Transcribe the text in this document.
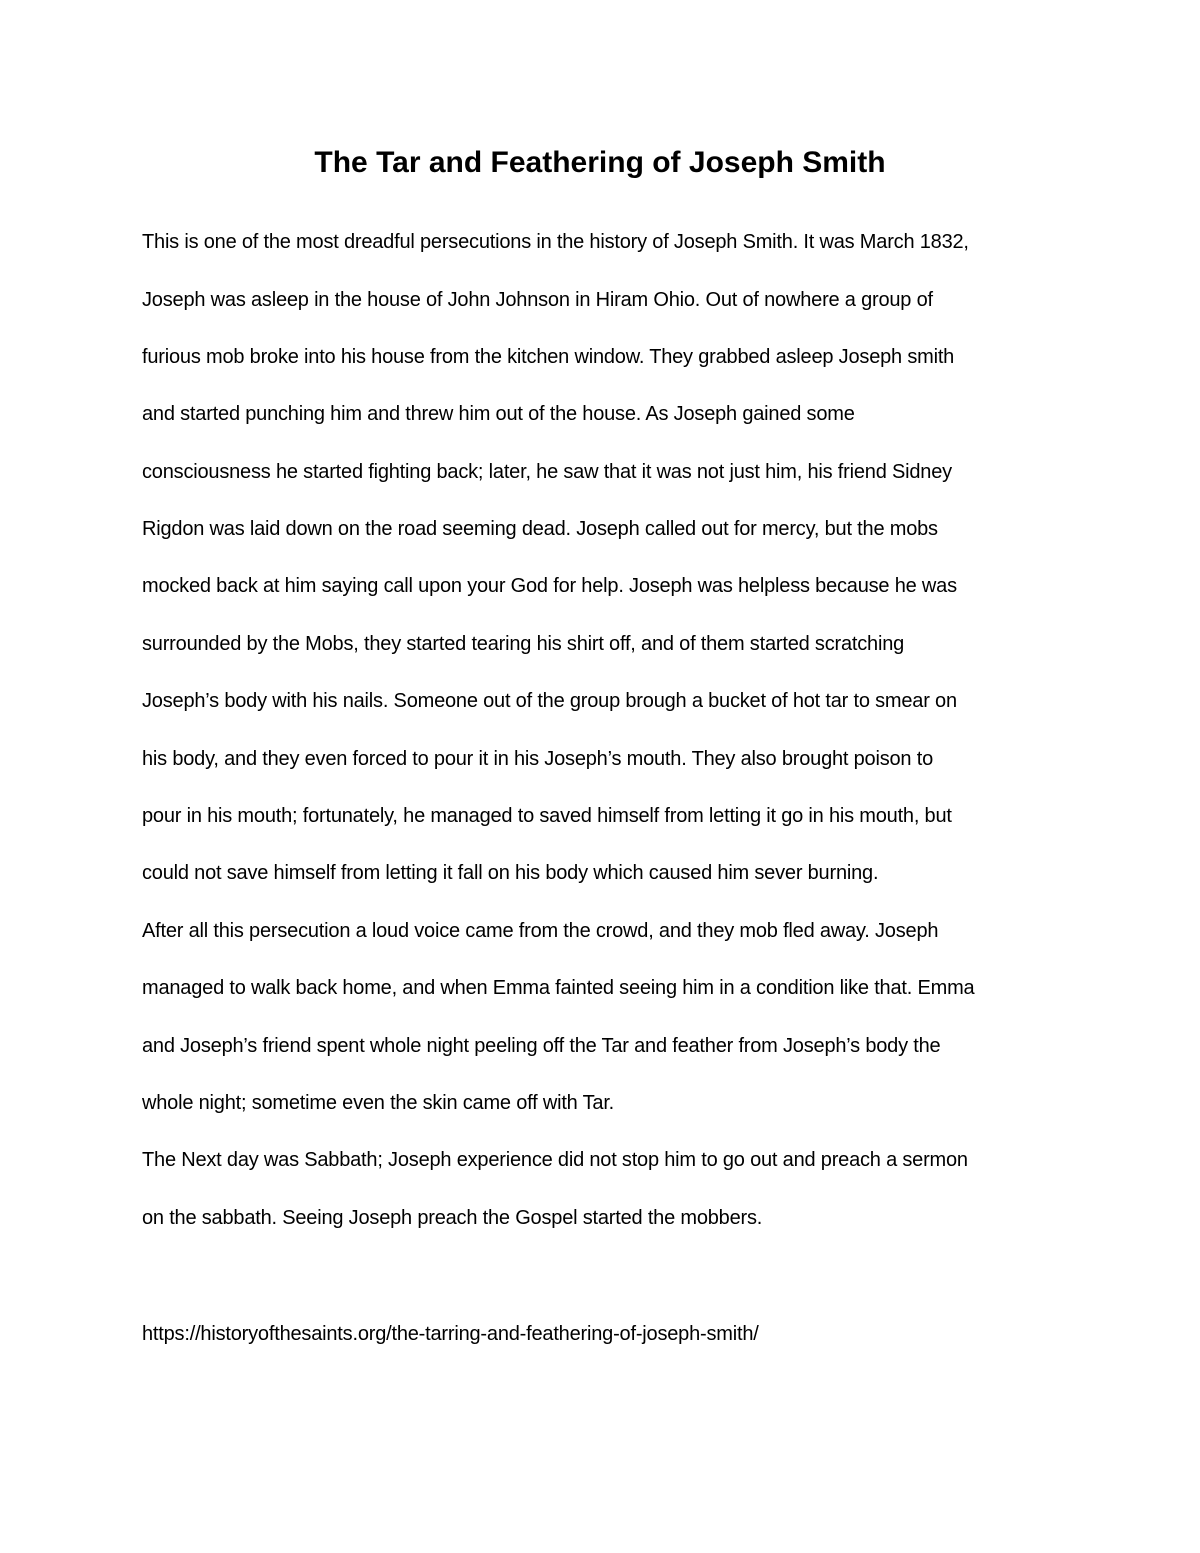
The Tar and Feathering of Joseph Smith
This is one of the most dreadful persecutions in the history of Joseph Smith. It was March 1832,
Joseph was asleep in the house of John Johnson in Hiram Ohio. Out of nowhere a group of
furious mob broke into his house from the kitchen window. They grabbed asleep Joseph smith
and started punching him and threw him out of the house. As Joseph gained some
consciousness he started fighting back; later, he saw that it was not just him, his friend Sidney
Rigdon was laid down on the road seeming dead. Joseph called out for mercy, but the mobs
mocked back at him saying call upon your God for help. Joseph was helpless because he was
surrounded by the Mobs, they started tearing his shirt off, and of them started scratching
Joseph’s body with his nails. Someone out of the group brough a bucket of hot tar to smear on
his body, and they even forced to pour it in his Joseph’s mouth. They also brought poison to
pour in his mouth; fortunately, he managed to saved himself from letting it go in his mouth, but
could not save himself from letting it fall on his body which caused him sever burning.
After all this persecution a loud voice came from the crowd, and they mob fled away. Joseph
managed to walk back home, and when Emma fainted seeing him in a condition like that. Emma
and Joseph’s friend spent whole night peeling off the Tar and feather from Joseph’s body the
whole night; sometime even the skin came off with Tar.
The Next day was Sabbath; Joseph experience did not stop him to go out and preach a sermon
on the sabbath. Seeing Joseph preach the Gospel started the mobbers.
https://historyofthesaints.org/the-tarring-and-feathering-of-joseph-smith/
